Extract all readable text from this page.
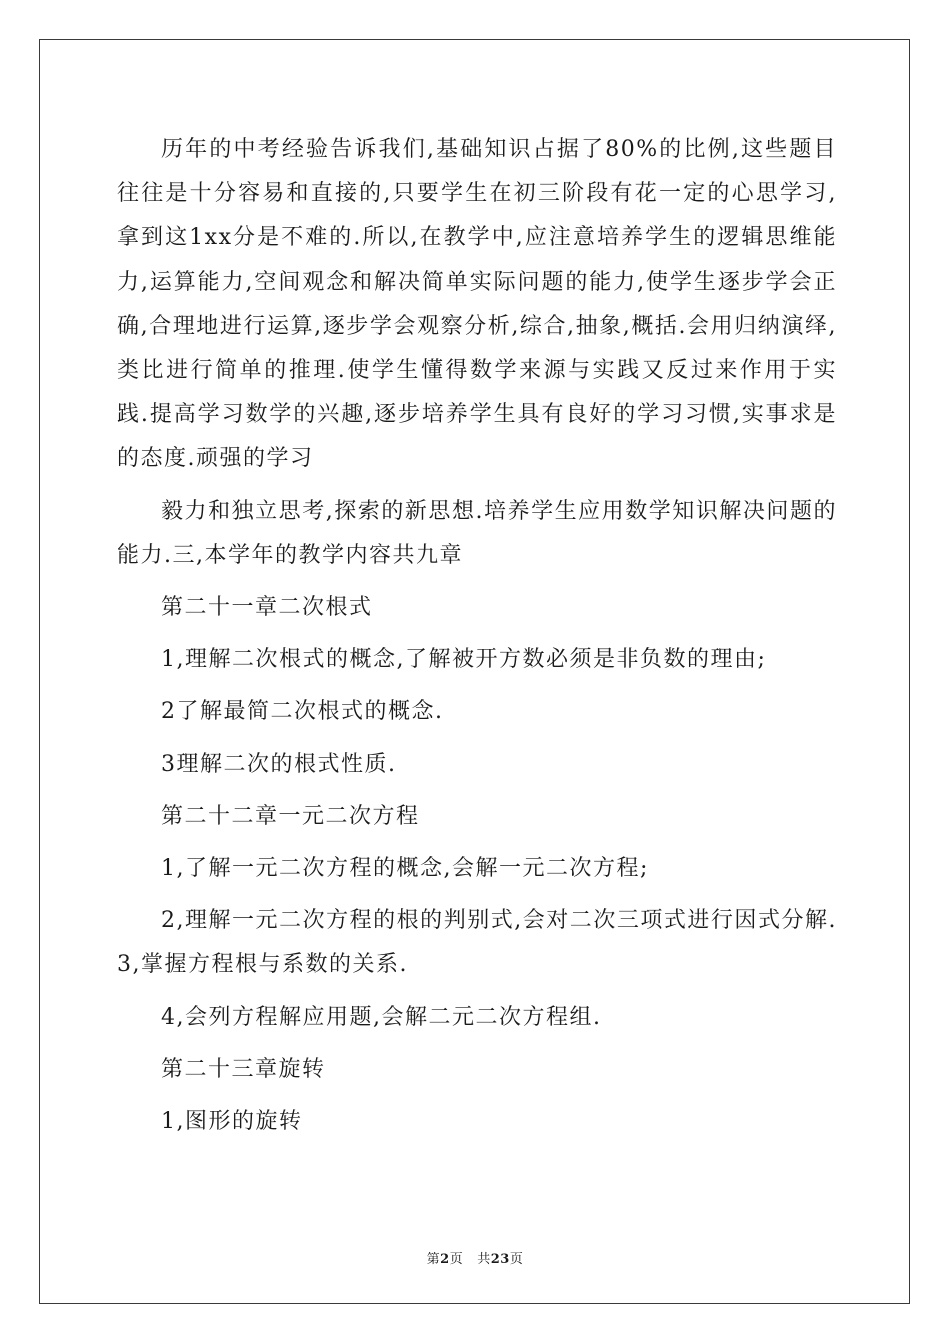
历年的中考经验告诉我们,基础知识占据了80%的比例,这些题目往往是十分容易和直接的,只要学生在初三阶段有花一定的心思学习,拿到这1xx分是不难的.所以,在教学中,应注意培养学生的逻辑思维能力,运算能力,空间观念和解决简单实际问题的能力,使学生逐步学会正确,合理地进行运算,逐步学会观察分析,综合,抽象,概括.会用归纳演绎,类比进行简单的推理.使学生懂得数学来源与实践又反过来作用于实践.提高学习数学的兴趣,逐步培养学生具有良好的学习习惯,实事求是的态度.顽强的学习

毅力和独立思考,探索的新思想.培养学生应用数学知识解决问题的能力.三,本学年的教学内容共九章

第二十一章二次根式

1,理解二次根式的概念,了解被开方数必须是非负数的理由;

2了解最简二次根式的概念.

3理解二次的根式性质.

第二十二章一元二次方程

1,了解一元二次方程的概念,会解一元二次方程;

2,理解一元二次方程的根的判别式,会对二次三项式进行因式分解.3,掌握方程根与系数的关系.

4,会列方程解应用题,会解二元二次方程组.

第二十三章旋转

1,图形的旋转

第2页 共23页
